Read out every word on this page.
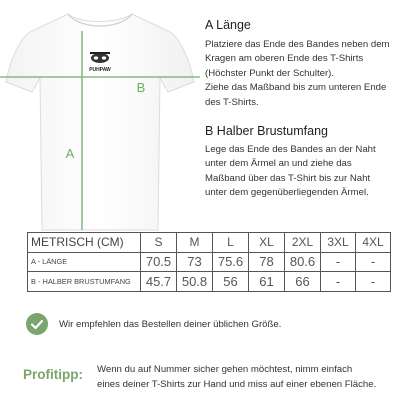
PUHPAW
A
B
A Länge
Platziere das Ende des Bandes neben dem
Kragen am oberen Ende des T-Shirts
(Höchster Punkt der Schulter).
Ziehe das Maßband bis zum unteren Ende
des T-Shirts.
B Halber Brustumfang
Lege das Ende des Bandes an der Naht
unter dem Ärmel an und ziehe das
Maßband über das T-Shirt bis zur Naht
unter dem gegenüberliegenden Ärmel.
METRISCH (CM)	S	M	L	XL	2XL	3XL	4XL
A - LÄNGE	70.5	73	75.6	78	80.6	-	-
B - HALBER BRUSTUMFANG	45.7	50.8	56	61	66	-	-
Wir empfehlen das Bestellen deiner üblichen Größe.
Profitipp: Wenn du auf Nummer sicher gehen möchtest, nimm einfach
eines deiner T-Shirts zur Hand und miss auf einer ebenen Fläche.
